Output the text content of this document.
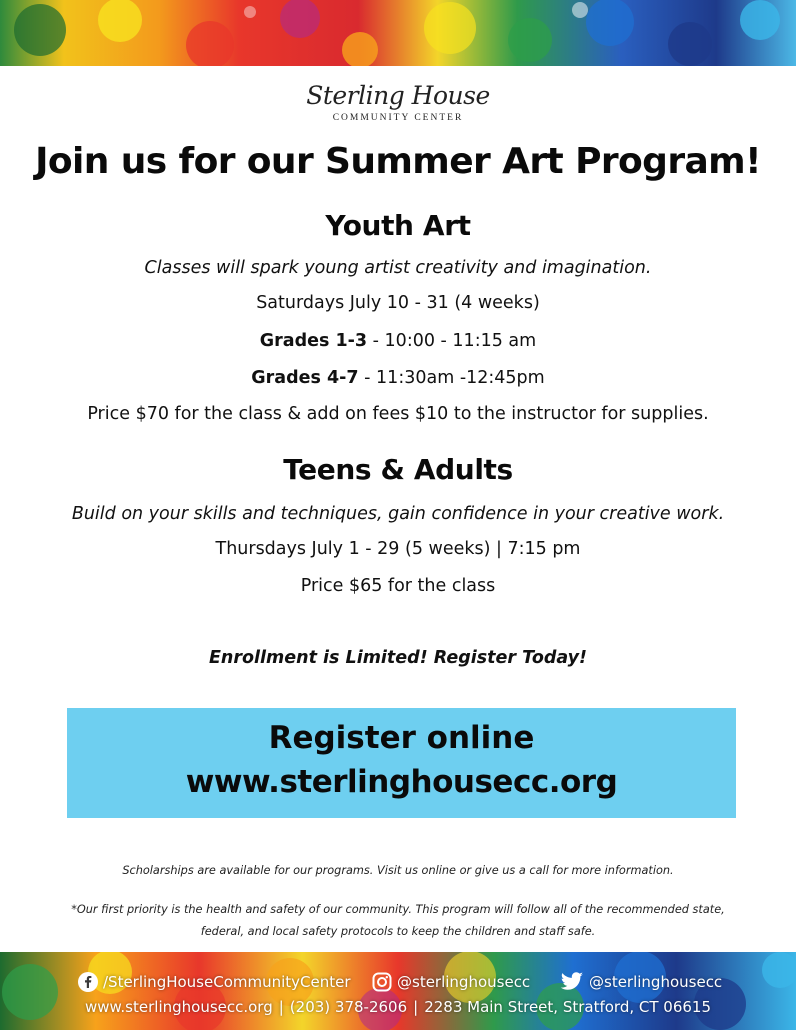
Sterling House
COMMUNITY CENTER
Join us for our Summer Art Program!
Youth Art
Classes will spark young artist creativity and imagination.
Saturdays July 10 - 31 (4 weeks)
Grades 1-3 - 10:00 - 11:15 am
Grades 4-7 - 11:30am -12:45pm
Price $70 for the class & add on fees $10 to the instructor for supplies.
Teens & Adults
Build on your skills and techniques, gain confidence in your creative work.
Thursdays July 1 - 29 (5 weeks) | 7:15 pm
Price $65 for the class
Enrollment is Limited! Register Today!
Register online
www.sterlinghousecc.org
Scholarships are available for our programs. Visit us online or give us a call for more information.
*Our first priority is the health and safety of our community. This program will follow all of the recommended state, federal, and local safety protocols to keep the children and staff safe.
/SterlingHouseCommunityCenter	@sterlinghousecc	@sterlinghousecc
www.sterlinghousecc.org | (203) 378-2606 | 2283 Main Street, Stratford, CT 06615
